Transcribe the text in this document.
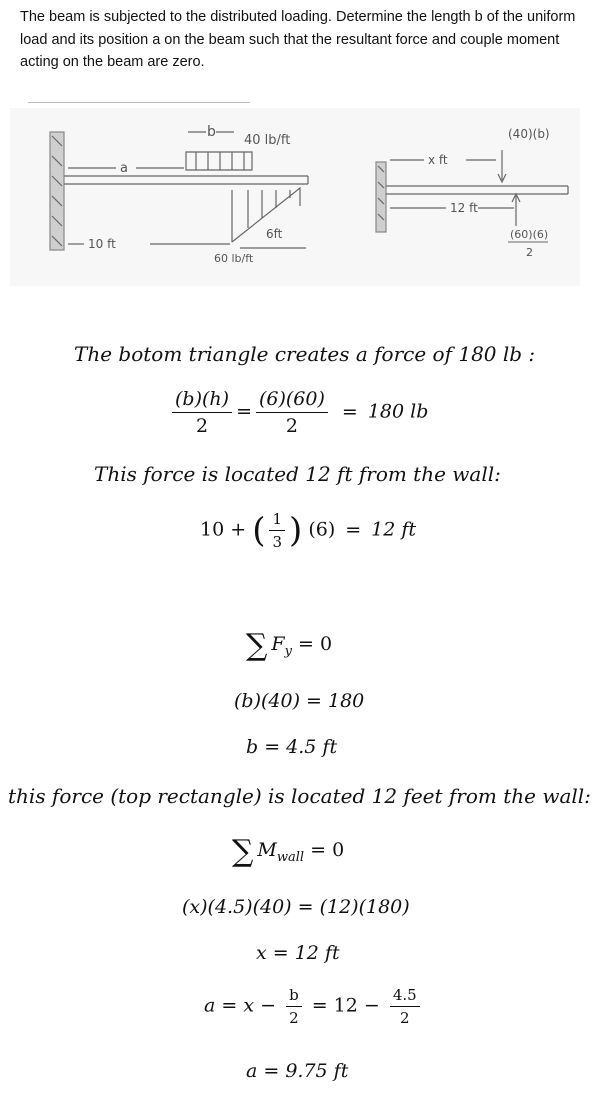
The beam is subjected to the distributed loading. Determine the length b of the uniform load and its position a on the beam such that the resultant force and couple moment acting on the beam are zero.
b
40 lb/ft
a
6ft
10 ft
60 lb/ft
x ft
(40)(b)
12 ft
(60)(6)
2
The botom triangle creates a force of 180 lb :
$\frac{(b)(h)}{2} = \frac{(6)(60)}{2} = 180$ lb
This force is located 12 ft from the wall:
10 + ( $\frac{1}{3}$ ) (6) = 12 ft
∑ $F_y = 0$
(b)(40) = 180
b = 4.5 ft
this force (top rectangle) is located 12 feet from the wall:
∑ $M_{wall} = 0$
(x)(4.5)(40) = (12)(180)
x = 12 ft
$a = x - \frac{b}{2} = 12 - \frac{4.5}{2}$
a = 9.75 ft
